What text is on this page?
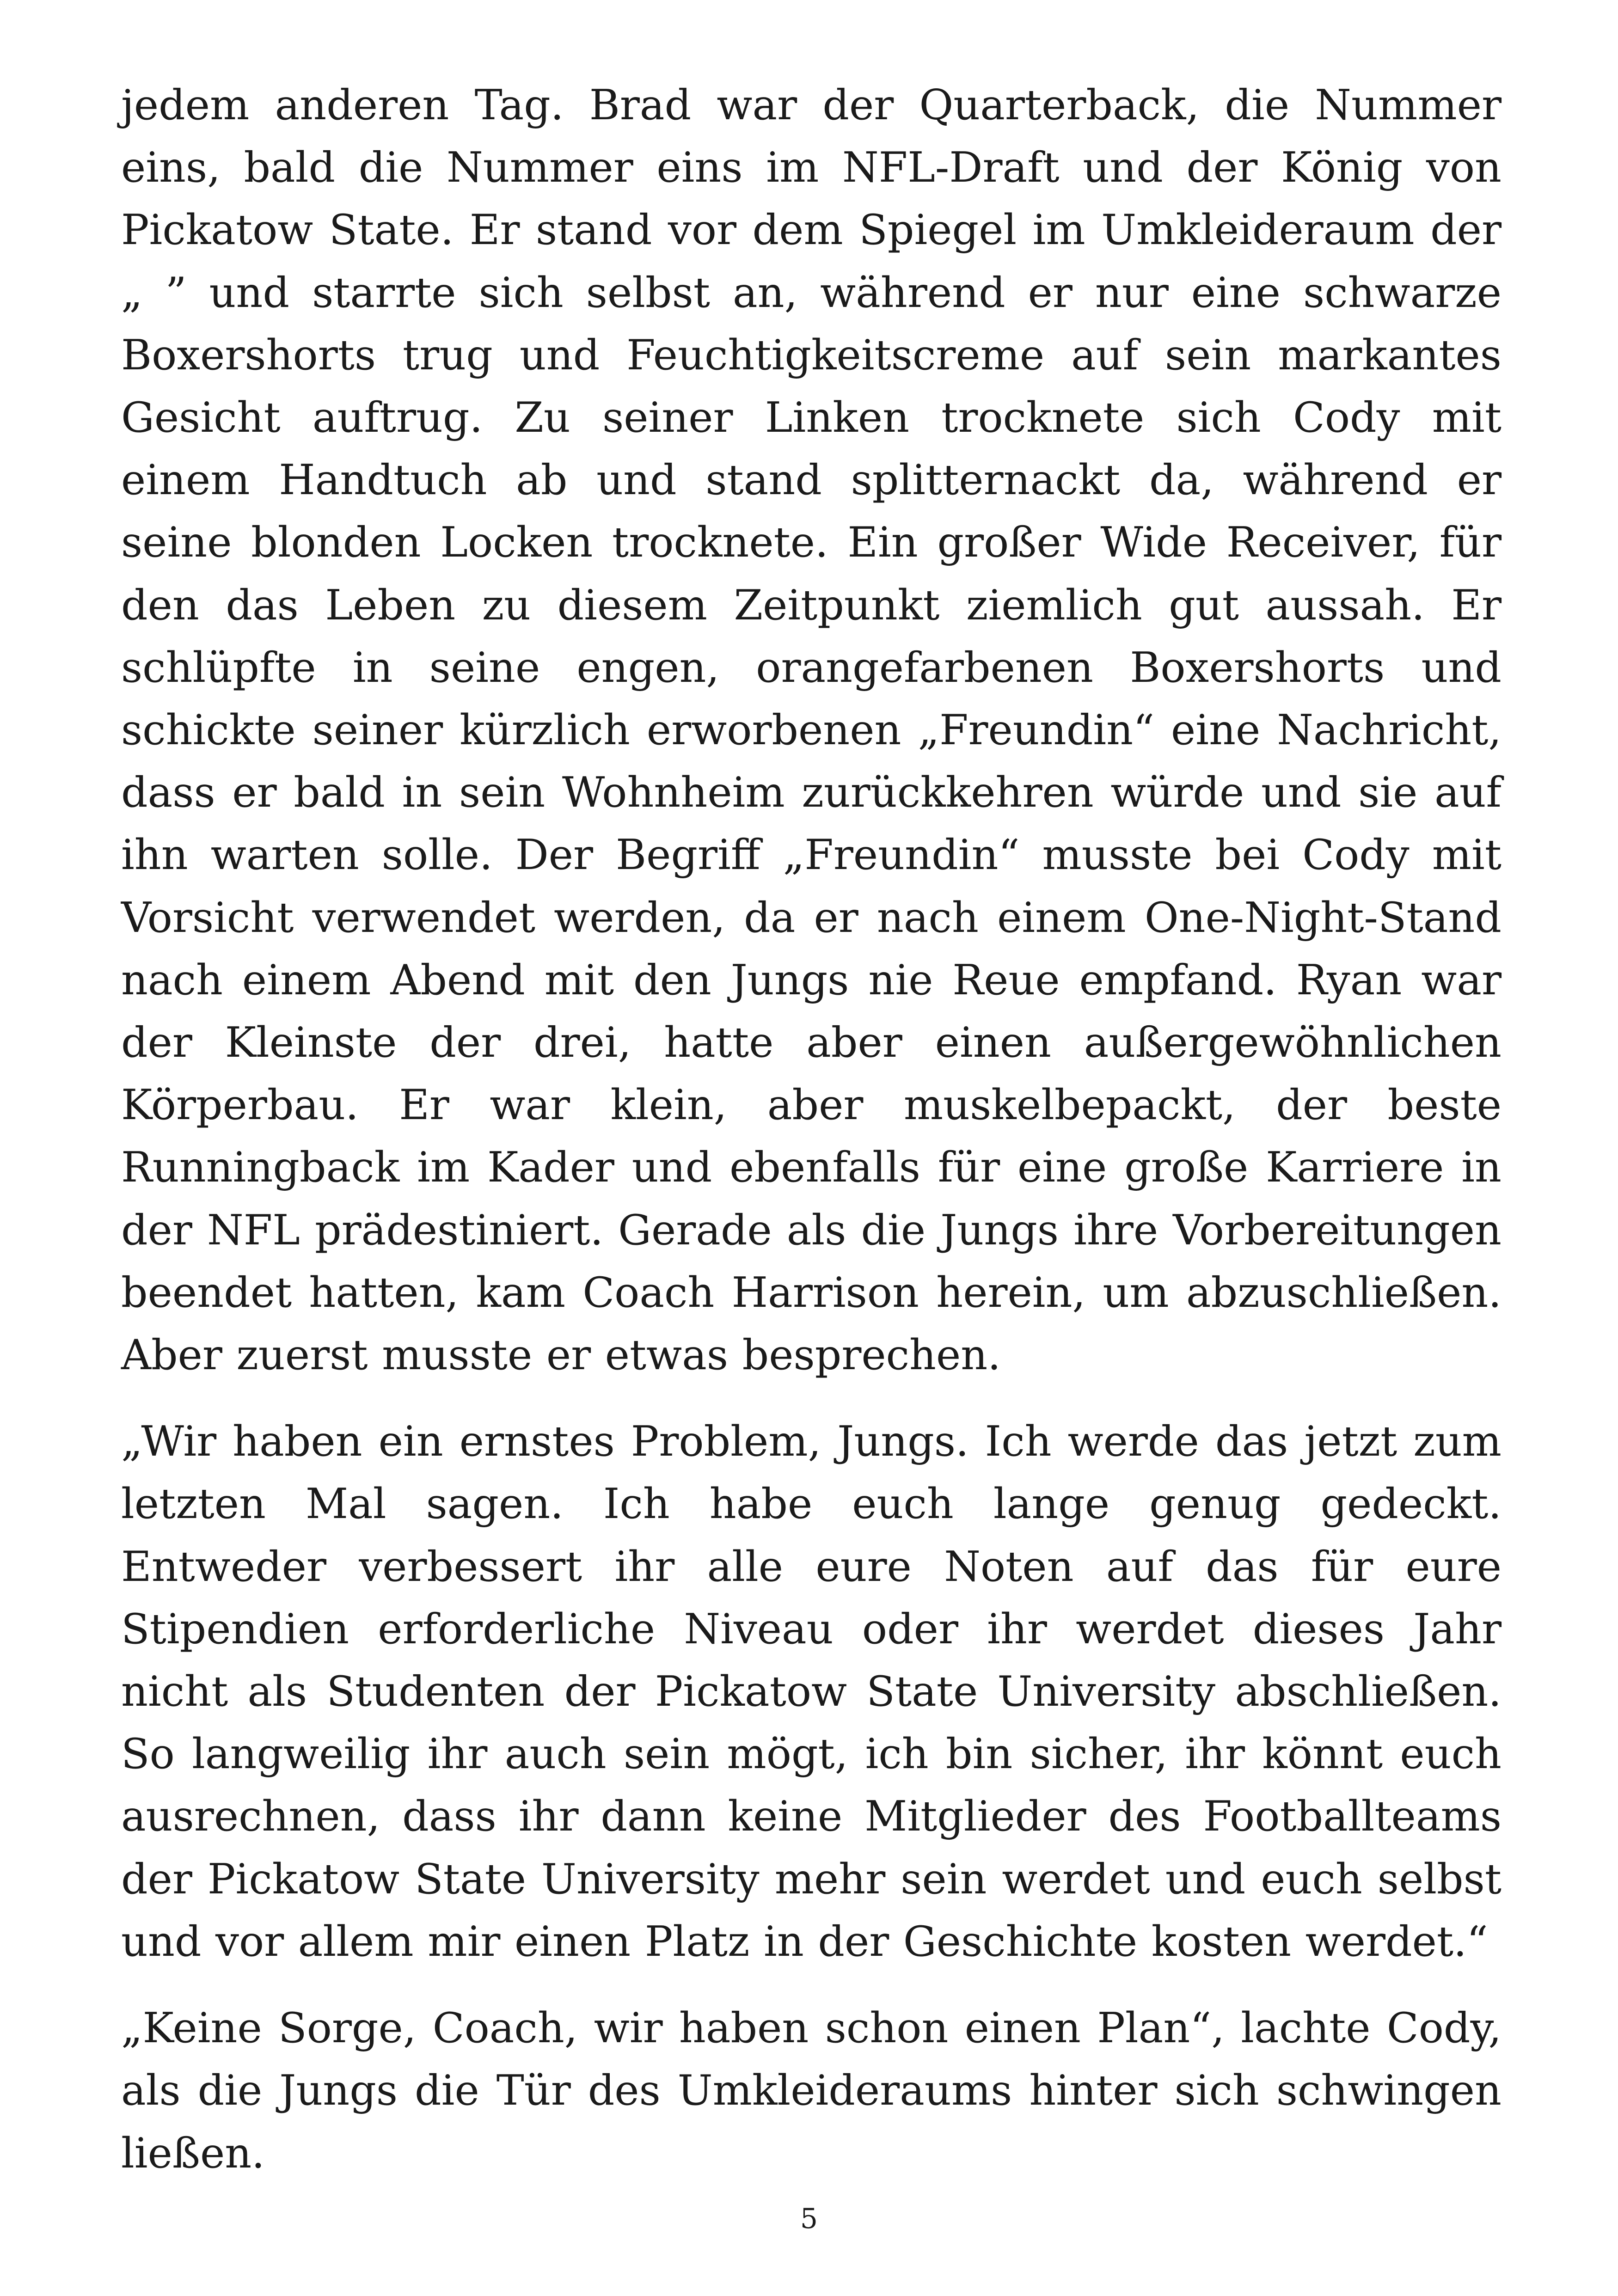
jedem anderen Tag. Brad war der Quarterback, die Nummer eins, bald die Nummer eins im NFL-Draft und der König von Pickatow State. Er stand vor dem Spiegel im Umkleideraum der „ ” und starrte sich selbst an, während er nur eine schwarze Boxershorts trug und Feuchtigkeitscreme auf sein markantes Gesicht auftrug. Zu seiner Linken trocknete sich Cody mit einem Handtuch ab und stand splitternackt da, während er seine blonden Locken trocknete. Ein großer Wide Receiver, für den das Leben zu diesem Zeitpunkt ziemlich gut aussah. Er schlüpfte in seine engen, orangefarbenen Boxershorts und schickte seiner kürzlich erworbenen „Freundin“ eine Nachricht, dass er bald in sein Wohnheim zurückkehren würde und sie auf ihn warten solle. Der Begriff „Freundin“ musste bei Cody mit Vorsicht verwendet werden, da er nach einem One-Night-Stand nach einem Abend mit den Jungs nie Reue empfand. Ryan war der Kleinste der drei, hatte aber einen außergewöhnlichen Körperbau. Er war klein, aber muskelbepackt, der beste Runningback im Kader und ebenfalls für eine große Karriere in der NFL prädestiniert. Gerade als die Jungs ihre Vorbereitungen beendet hatten, kam Coach Harrison herein, um abzuschließen. Aber zuerst musste er etwas besprechen.

„Wir haben ein ernstes Problem, Jungs. Ich werde das jetzt zum letzten Mal sagen. Ich habe euch lange genug gedeckt. Entweder verbessert ihr alle eure Noten auf das für eure Stipendien erforderliche Niveau oder ihr werdet dieses Jahr nicht als Studenten der Pickatow State University abschließen. So langweilig ihr auch sein mögt, ich bin sicher, ihr könnt euch ausrechnen, dass ihr dann keine Mitglieder des Footballteams der Pickatow State University mehr sein werdet und euch selbst und vor allem mir einen Platz in der Geschichte kosten werdet.“

„Keine Sorge, Coach, wir haben schon einen Plan“, lachte Cody, als die Jungs die Tür des Umkleideraums hinter sich schwingen ließen.

5
